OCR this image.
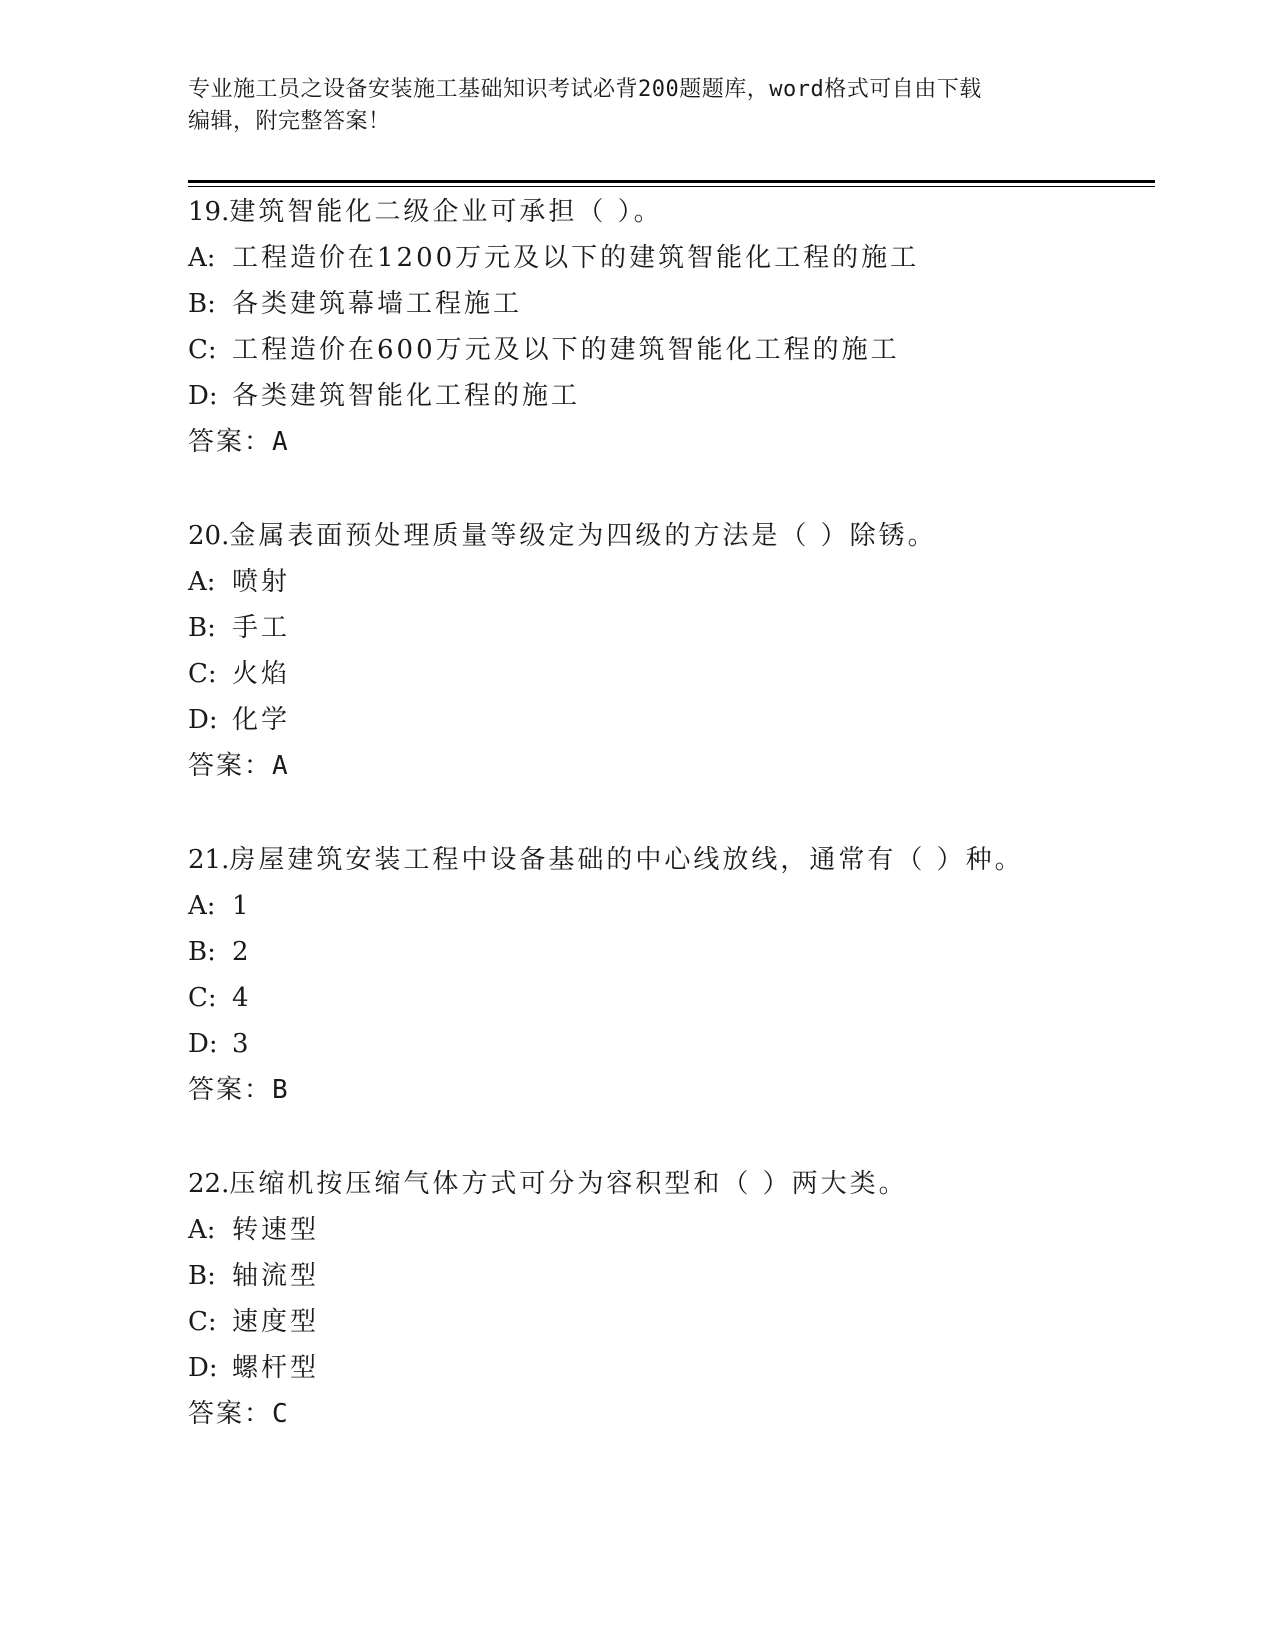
专业施工员之设备安装施工基础知识考试必背200题题库，word格式可自由下载
编辑，附完整答案！
19.建筑智能化二级企业可承担（ ）。
A: 工程造价在1200万元及以下的建筑智能化工程的施工
B: 各类建筑幕墙工程施工
C: 工程造价在600万元及以下的建筑智能化工程的施工
D: 各类建筑智能化工程的施工
答案：A
20.金属表面预处理质量等级定为四级的方法是（ ）除锈。
A: 喷射
B: 手工
C: 火焰
D: 化学
答案：A
21.房屋建筑安装工程中设备基础的中心线放线，通常有（ ）种。
A: 1
B: 2
C: 4
D: 3
答案：B
22.压缩机按压缩气体方式可分为容积型和（ ）两大类。
A: 转速型
B: 轴流型
C: 速度型
D: 螺杆型
答案：C
